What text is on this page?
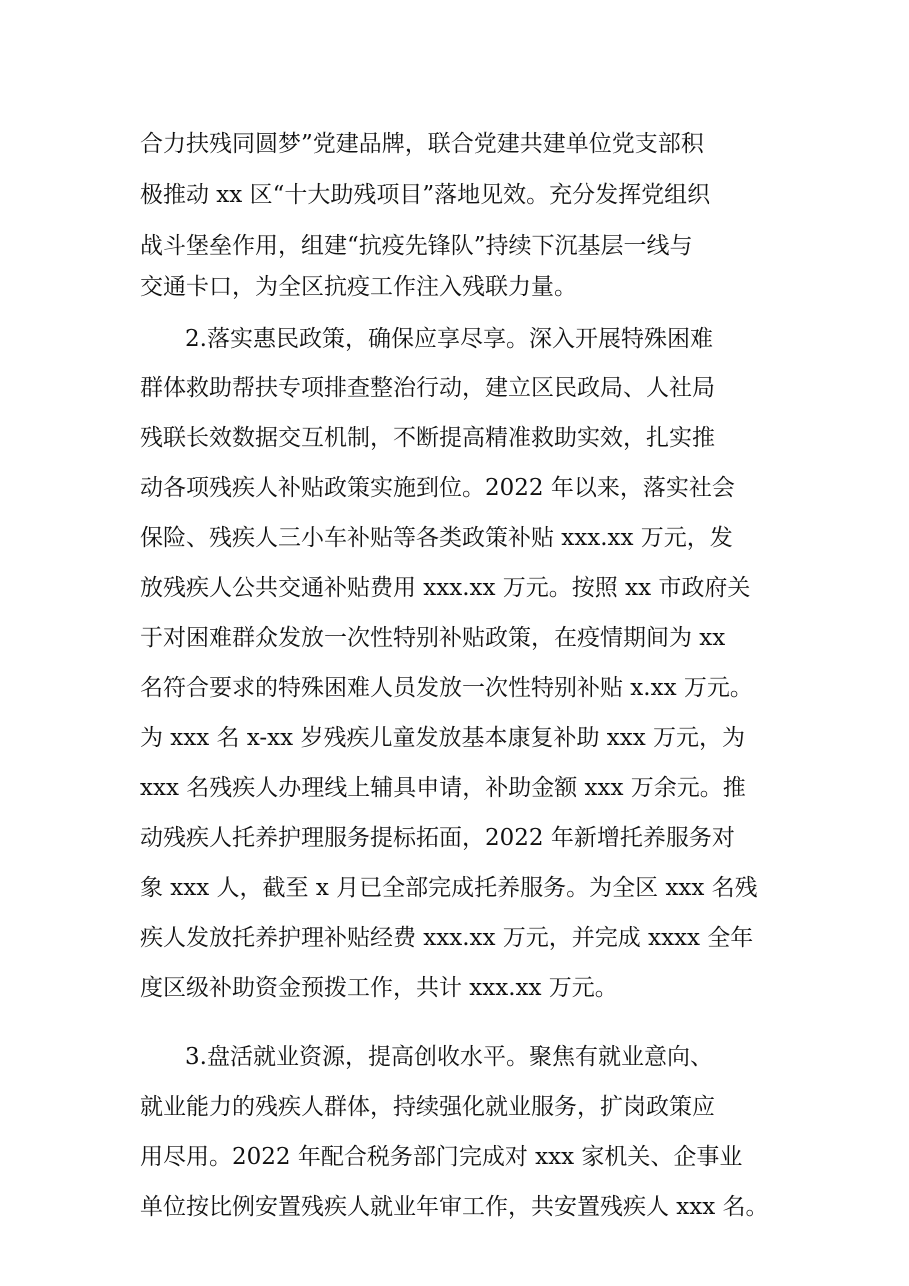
合力扶残同圆梦”党建品牌，联合党建共建单位党支部积
极推动 xx 区“十大助残项目”落地见效。充分发挥党组织
战斗堡垒作用，组建“抗疫先锋队”持续下沉基层一线与
交通卡口，为全区抗疫工作注入残联力量。
2.落实惠民政策，确保应享尽享。深入开展特殊困难
群体救助帮扶专项排查整治行动，建立区民政局、人社局
残联长效数据交互机制，不断提高精准救助实效，扎实推
动各项残疾人补贴政策实施到位。2022 年以来，落实社会
保险、残疾人三小车补贴等各类政策补贴 xxx.xx 万元，发
放残疾人公共交通补贴费用 xxx.xx 万元。按照 xx 市政府关
于对困难群众发放一次性特别补贴政策，在疫情期间为 xx
名符合要求的特殊困难人员发放一次性特别补贴 x.xx 万元。
为 xxx 名 x-xx 岁残疾儿童发放基本康复补助 xxx 万元，为
xxx 名残疾人办理线上辅具申请，补助金额 xxx 万余元。推
动残疾人托养护理服务提标拓面，2022 年新增托养服务对
象 xxx 人，截至 x 月已全部完成托养服务。为全区 xxx 名残
疾人发放托养护理补贴经费 xxx.xx 万元，并完成 xxxx 全年
度区级补助资金预拨工作，共计 xxx.xx 万元。
3.盘活就业资源，提高创收水平。聚焦有就业意向、
就业能力的残疾人群体，持续强化就业服务，扩岗政策应
用尽用。2022 年配合税务部门完成对 xxx 家机关、企事业
单位按比例安置残疾人就业年审工作，共安置残疾人 xxx 名。
